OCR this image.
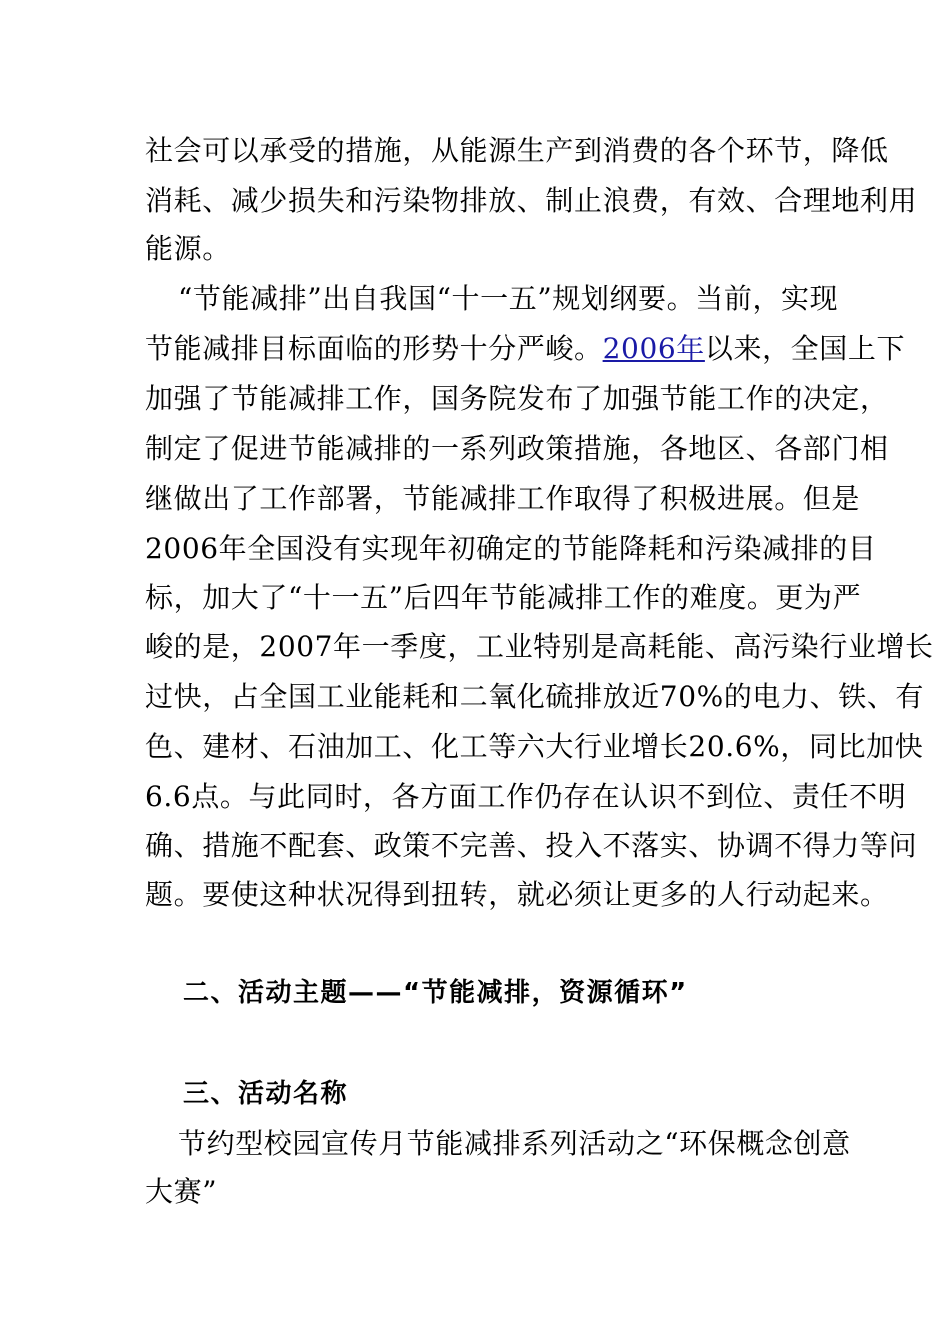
社会可以承受的措施，从能源生产到消费的各个环节，降低
消耗、减少损失和污染物排放、制止浪费，有效、合理地利用
能源。
“节能减排”出自我国“十一五”规划纲要。当前，实现
节能减排目标面临的形势十分严峻。2006年以来，全国上下
加强了节能减排工作，国务院发布了加强节能工作的决定，
制定了促进节能减排的一系列政策措施，各地区、各部门相
继做出了工作部署，节能减排工作取得了积极进展。但是
2006年全国没有实现年初确定的节能降耗和污染减排的目
标，加大了“十一五”后四年节能减排工作的难度。更为严
峻的是，2007年一季度，工业特别是高耗能、高污染行业增长
过快，占全国工业能耗和二氧化硫排放近70%的电力、铁、有
色、建材、石油加工、化工等六大行业增长20.6%，同比加快
6.6点。与此同时，各方面工作仍存在认识不到位、责任不明
确、措施不配套、政策不完善、投入不落实、协调不得力等问
题。要使这种状况得到扭转，就必须让更多的人行动起来。
二、活动主题——“节能减排，资源循环”
三、活动名称
节约型校园宣传月节能减排系列活动之“环保概念创意
大赛”
